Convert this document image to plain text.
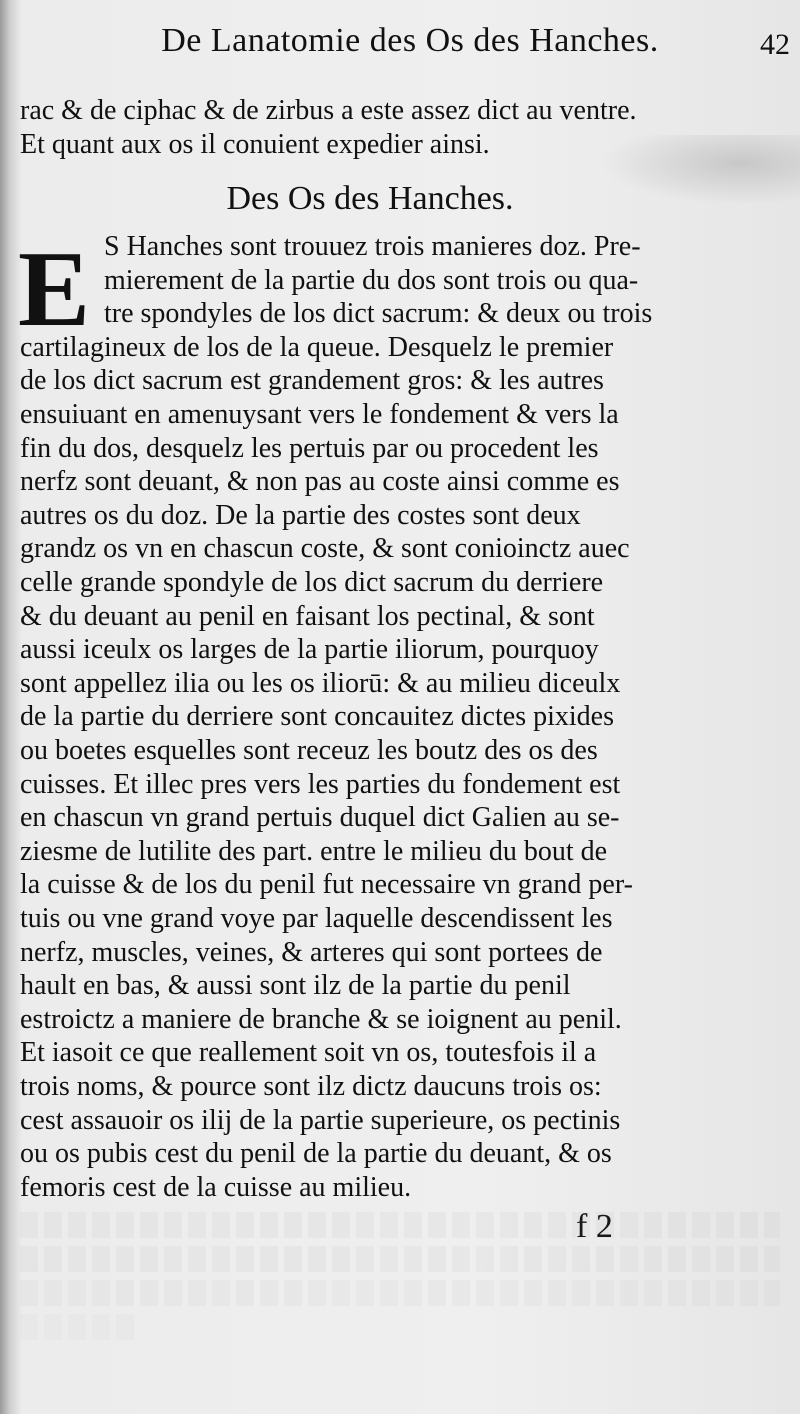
De Lanatomie des Os des Hanches.	42
rac & de ciphac & de zirbus a este assez dict au ventre.
Et quant aux os il conuient expedier ainsi.
Des Os des Hanches.
E S Hanches sont trouuez trois manieres doz. Pre-
mierement de la partie du dos sont trois ou qua-
tre spondyles de los dict sacrum: & deux ou trois
cartilagineux de los de la queue. Desquelz le premier
de los dict sacrum est grandement gros: & les autres
ensuiuant en amenuysant vers le fondement & vers la
fin du dos, desquelz les pertuis par ou procedent les
nerfz sont deuant, & non pas au coste ainsi comme es
autres os du doz. De la partie des costes sont deux
grandz os vn en chascun coste, & sont conioinctz auec
celle grande spondyle de los dict sacrum du derriere
& du deuant au penil en faisant los pectinal, & sont
aussi iceulx os larges de la partie iliorum, pourquoy
sont appellez ilia ou les os iliorū: & au milieu diceulx
de la partie du derriere sont concauitez dictes pixides
ou boetes esquelles sont receuz les boutz des os des
cuisses. Et illec pres vers les parties du fondement est
en chascun vn grand pertuis duquel dict Galien au se-
ziesme de lutilite des part. entre le milieu du bout de
la cuisse & de los du penil fut necessaire vn grand per-
tuis ou vne grand voye par laquelle descendissent les
nerfz, muscles, veines, & arteres qui sont portees de
hault en bas, & aussi sont ilz de la partie du penil
estroictz a maniere de branche & se ioignent au penil.
Et iasoit ce que reallement soit vn os, toutesfois il a
trois noms, & pource sont ilz dictz daucuns trois os:
cest assauoir os ilij de la partie superieure, os pectinis
ou os pubis cest du penil de la partie du deuant, & os
femoris cest de la cuisse au milieu.
f 2
